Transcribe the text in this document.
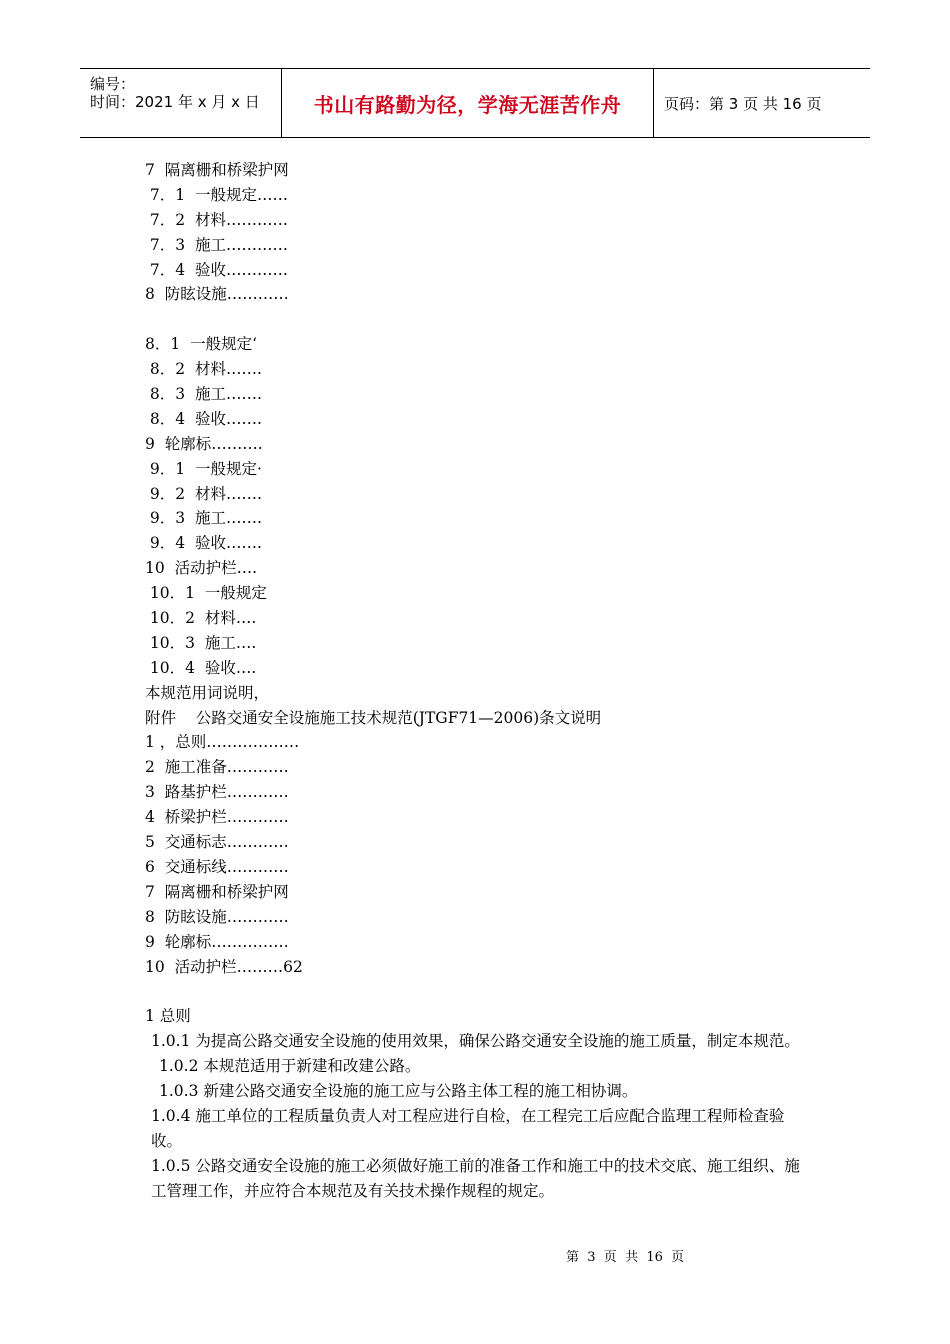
编号：
时间：2021 年 x 月 x 日	书山有路勤为径，学海无涯苦作舟	页码：第 3 页 共 16 页
7  隔离栅和桥梁护网
7．1  一般规定……
7．2  材料…………
7．3  施工…………
7．4  验收…………
8  防眩设施…………
8．1  一般规定‘
8．2  材料…….
8．3  施工…….
8．4  验收…….
9  轮廓标……….
9．1  一般规定·
9．2  材料…….
9．3  施工…….
9．4  验收…….
10  活动护栏….
10．1  一般规定
10．2  材料….
10．3  施工….
10．4  验收….
本规范用词说明，
附件    公路交通安全设施施工技术规范(JTGF71—2006)条文说明
1 ，总则………………
2  施工准备…………
3  路基护栏…………
4  桥梁护栏…………
5  交通标志…………
6  交通标线…………
7  隔离栅和桥梁护网
8  防眩设施…………
9  轮廓标……………
10  活动护栏………62
1 总则
1.0.1 为提高公路交通安全设施的使用效果，确保公路交通安全设施的施工质量，制定本规范。
1.0.2 本规范适用于新建和改建公路。
1.0.3 新建公路交通安全设施的施工应与公路主体工程的施工相协调。
1.0.4 施工单位的工程质量负责人对工程应进行自检，在工程完工后应配合监理工程师检查验收。
1.0.5 公路交通安全设施的施工必须做好施工前的准备工作和施工中的技术交底、施工组织、施工管理工作，并应符合本规范及有关技术操作规程的规定。
第  3  页  共  16  页
